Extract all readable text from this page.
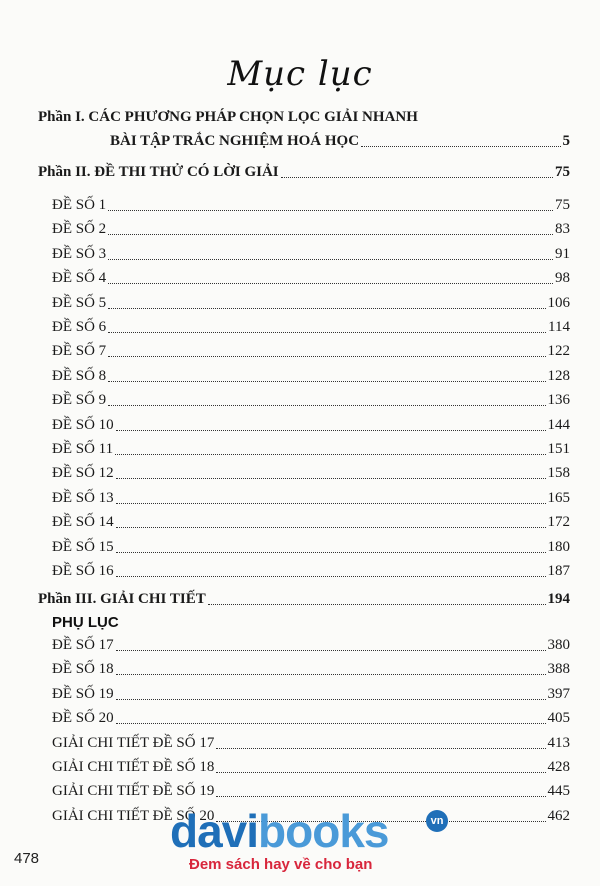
Mục lục
Phần I. CÁC PHƯƠNG PHÁP CHỌN LỌC GIẢI NHANH
BÀI TẬP TRẮC NGHIỆM HOÁ HỌC	5
Phần II. ĐỀ THI THỬ CÓ LỜI GIẢI	75
ĐỀ SỐ 1	75
ĐỀ SỐ 2	83
ĐỀ SỐ 3	91
ĐỀ SỐ 4	98
ĐỀ SỐ 5	106
ĐỀ SỐ 6	114
ĐỀ SỐ 7	122
ĐỀ SỐ 8	128
ĐỀ SỐ 9	136
ĐỀ SỐ 10	144
ĐỀ SỐ 11	151
ĐỀ SỐ 12	158
ĐỀ SỐ 13	165
ĐỀ SỐ 14	172
ĐỀ SỐ 15	180
ĐỀ SỐ 16	187
Phần III. GIẢI CHI TIẾT	194
PHỤ LỤC
ĐỀ SỐ 17	380
ĐỀ SỐ 18	388
ĐỀ SỐ 19	397
ĐỀ SỐ 20	405
GIẢI CHI TIẾT ĐỀ SỐ 17	413
GIẢI CHI TIẾT ĐỀ SỐ 18	428
GIẢI CHI TIẾT ĐỀ SỐ 19	445
GIẢI CHI TIẾT ĐỀ SỐ 20	462
478
davibooks	vn
Đem sách hay về cho bạn
